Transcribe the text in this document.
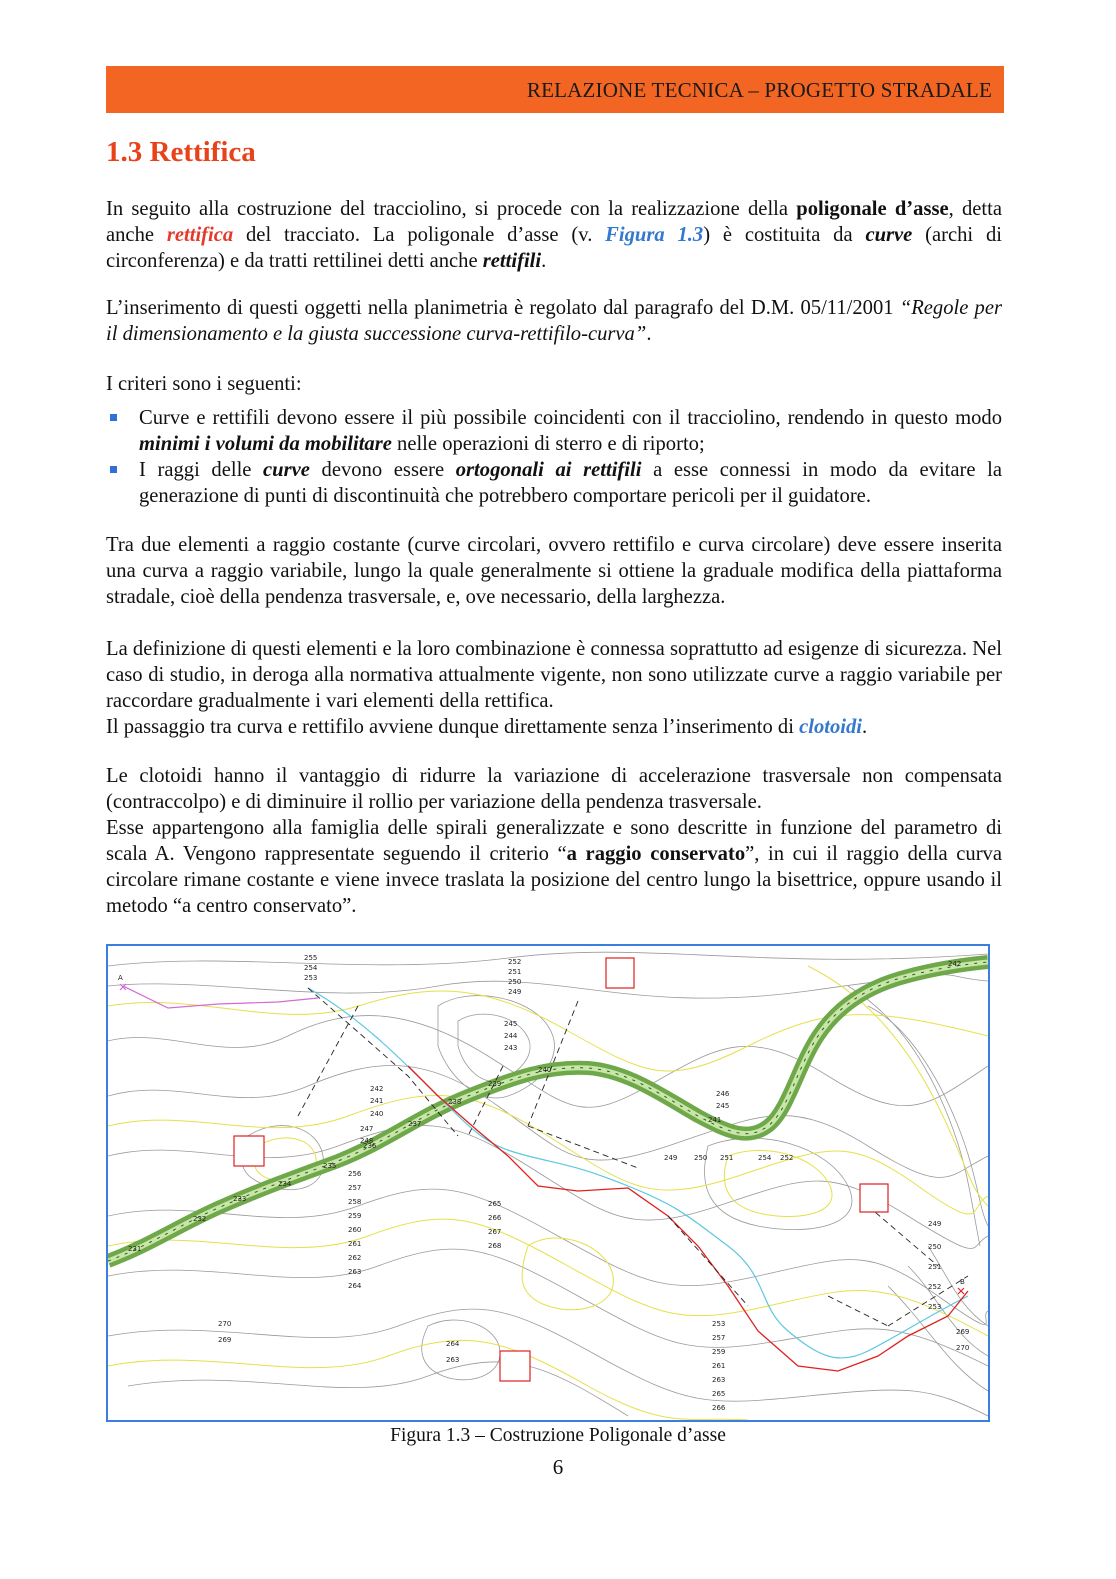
RELAZIONE TECNICA – PROGETTO STRADALE
1.3 Rettifica

In seguito alla costruzione del tracciolino, si procede con la realizzazione della poligonale d’asse, detta anche rettifica del tracciato. La poligonale d’asse (v. Figura 1.3) è costituita da curve (archi di circonferenza) e da tratti rettilinei detti anche rettifili.

L’inserimento di questi oggetti nella planimetria è regolato dal paragrafo del D.M. 05/11/2001 “Regole per il dimensionamento e la giusta successione curva-rettifilo-curva”.

I criteri sono i seguenti:

Curve e rettifili devono essere il più possibile coincidenti con il tracciolino, rendendo in questo modo minimi i volumi da mobilitare nelle operazioni di sterro e di riporto;
I raggi delle curve devono essere ortogonali ai rettifili a esse connessi in modo da evitare la generazione di punti di discontinuità che potrebbero comportare pericoli per il guidatore.

Tra due elementi a raggio costante (curve circolari, ovvero rettifilo e curva circolare) deve essere inserita una curva a raggio variabile, lungo la quale generalmente si ottiene la graduale modifica della piattaforma stradale, cioè della pendenza trasversale, e, ove necessario, della larghezza.

La definizione di questi elementi e la loro combinazione è connessa soprattutto ad esigenze di sicurezza. Nel caso di studio, in deroga alla normativa attualmente vigente, non sono utilizzate curve a raggio variabile per raccordare gradualmente i vari elementi della rettifica.
Il passaggio tra curva e rettifilo avviene dunque direttamente senza l’inserimento di clotoidi.

Le clotoidi hanno il vantaggio di ridurre la variazione di accelerazione trasversale non compensata (contraccolpo) e di diminuire il rollio per variazione della pendenza trasversale.
Esse appartengono alla famiglia delle spirali generalizzate e sono descritte in funzione del parametro di scala A. Vengono rappresentate seguendo il criterio “a raggio conservato”, in cui il raggio della curva circolare rimane costante e viene invece traslata la posizione del centro lungo la bisettrice, oppure usando il metodo “a centro conservato”.

A
B
255
254
253
252
251
250
249
245
244
243
242
241
240
247
248
256
257
258
259
260
261
262
263
264
265
266
267
268
249 250 251	254 252
246
245
249
250
251
252
253
269
270
253
257
259
261
263
265
266
264
263
270
269
231
232
233
234
235
236
237
238
239
240
241
242
Figura 1.3 – Costruzione Poligonale d’asse
6
